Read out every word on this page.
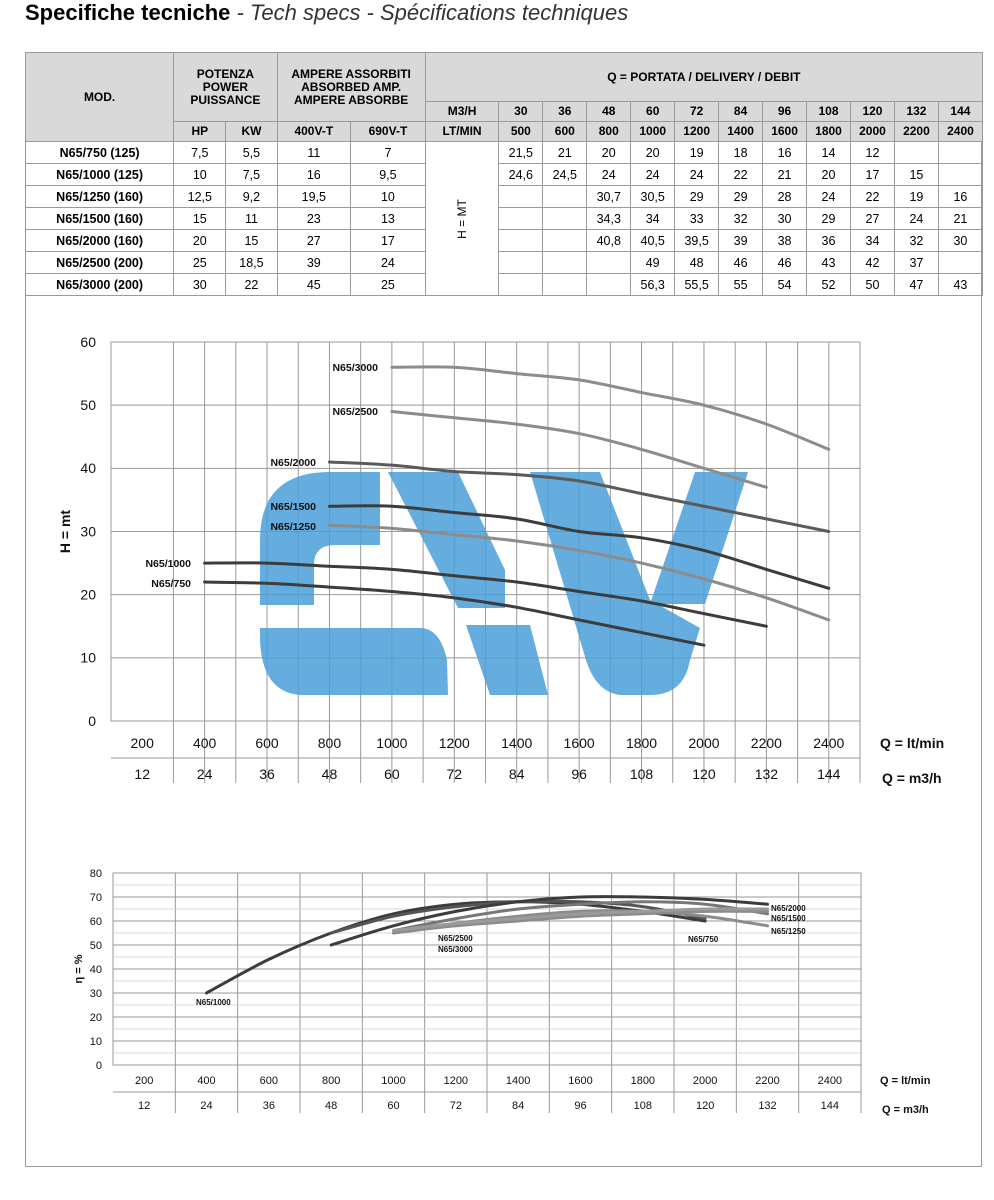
Specifiche tecniche - Tech specs - Spécifications techniques
MOD.	POTENZA
POWER
PUISSANCE		AMPERE ASSORBITI
ABSORBED AMP.
AMPERE ABSORBE		Q = PORTATA / DELIVERY / DEBIT											
					M3/H	30	36	48	60	72	84	96	108	120	132	144
	HP	KW	400V-T	690V-T	LT/MIN	500	600	800	1000	1200	1400	1600	1800	2000	2200	2400
N65/750 (125)	7,5	5,5	11	7	H = MT	21,5	21	20	20	19	18	16	14	12		
N65/1000 (125)	10	7,5	16	9,5		24,6	24,5	24	24	24	22	21	20	17	15	
N65/1250 (160)	12,5	9,2	19,5	10				30,7	30,5	29	29	28	24	22	19	16
N65/1500 (160)	15	11	23	13				34,3	34	33	32	30	29	27	24	21
N65/2000 (160)	20	15	27	17				40,8	40,5	39,5	39	38	36	34	32	30
N65/2500 (200)	25	18,5	39	24					49	48	46	46	43	42	37	
N65/3000 (200)	30	22	45	25					56,3	55,5	55	54	52	50	47	43
0
10
20
30
40
50
60
200
12
400
24
600
36
800
48
1000
60
1200
72
1400
84
1600
96
1800
108
2000
120
2200
132
2400
144
Q = lt/min
Q = m3/h
H = mt
N65/3000
N65/2500
N65/2000
N65/1500
N65/1250
N65/1000
N65/750
0
10
20
30
40
50
60
70
80
200
12
400
24
600
36
800
48
1000
60
1200
72
1400
84
1600
96
1800
108
2000
120
2200
132
2400
144
Q = lt/min
Q = m3/h
η = %
N65/1000
N65/750
N65/2000
N65/1500
N65/1250
N65/2500
N65/3000
